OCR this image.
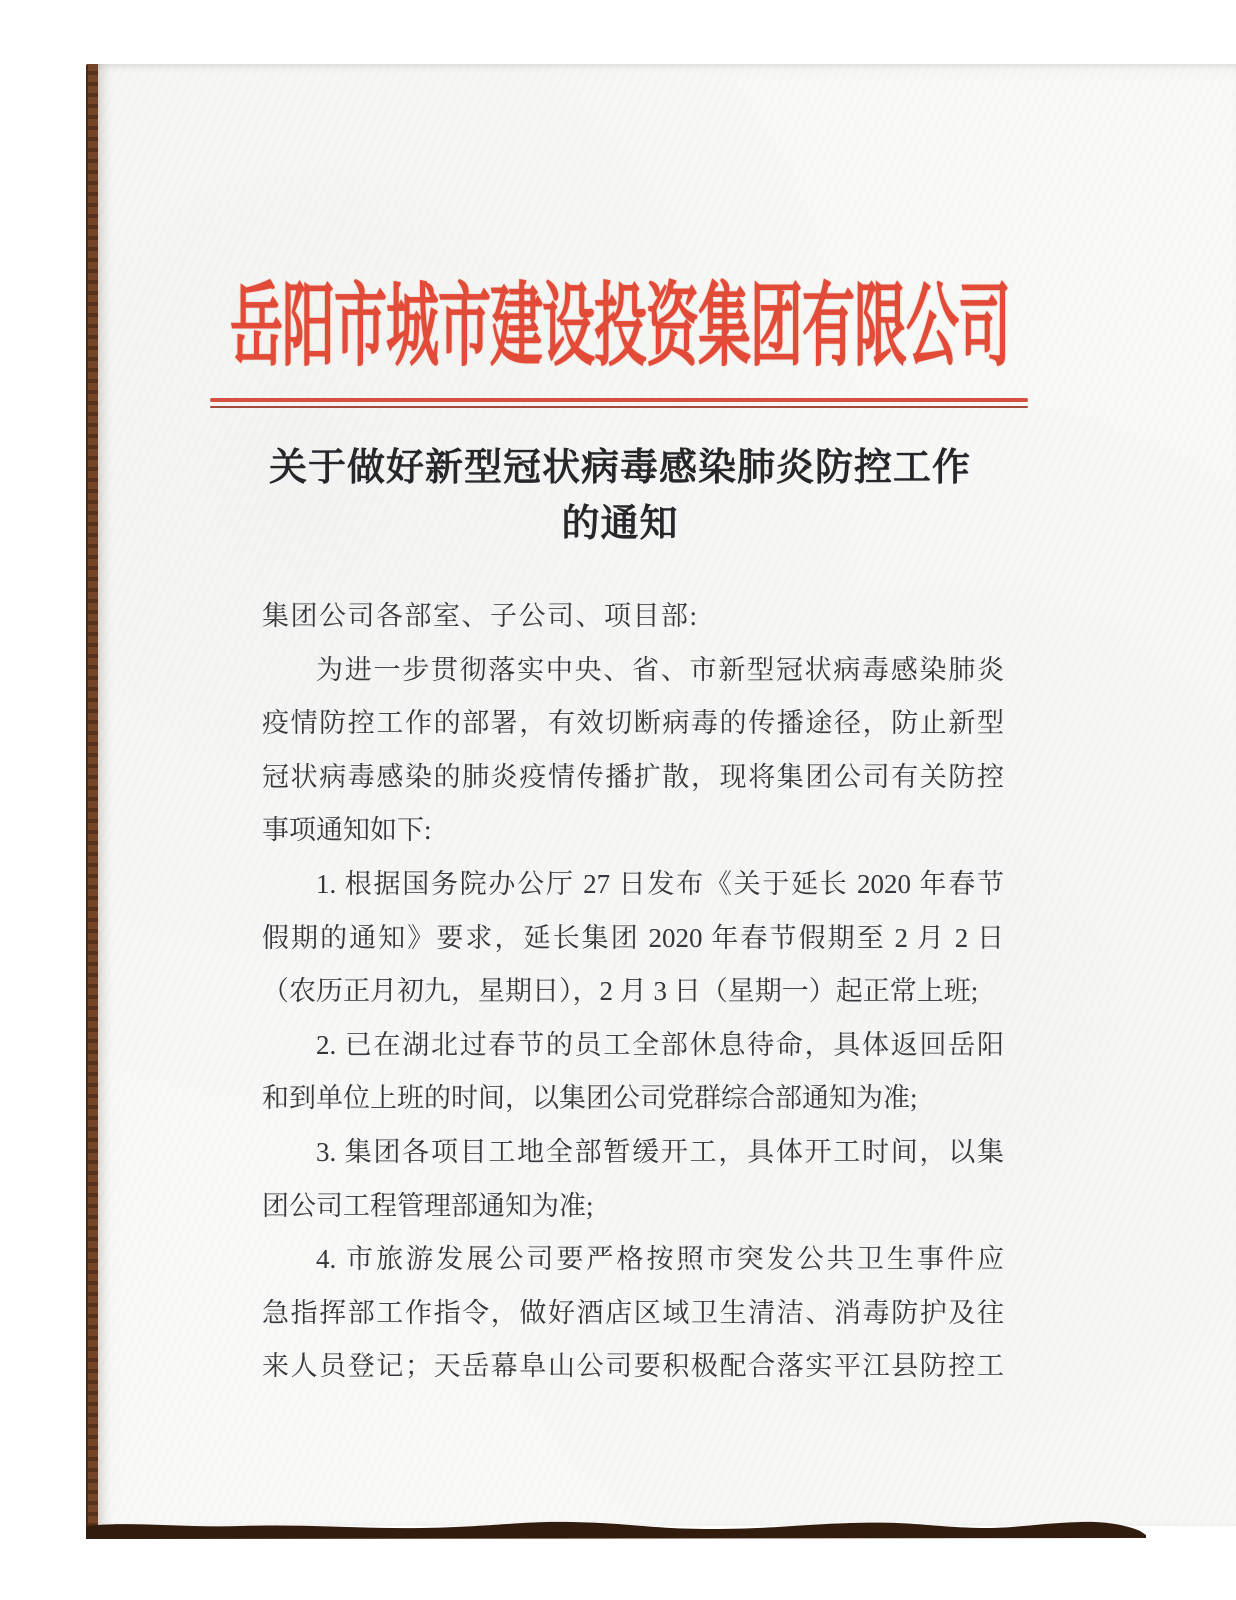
岳阳市城市建设投资集团有限公司
关于做好新型冠状病毒感染肺炎防控工作
的通知
集团公司各部室、子公司、项目部:
为进一步贯彻落实中央、省、市新型冠状病毒感染肺炎
疫情防控工作的部署，有效切断病毒的传播途径，防止新型
冠状病毒感染的肺炎疫情传播扩散，现将集团公司有关防控
事项通知如下:
1. 根据国务院办公厅 27 日发布《关于延长 2020 年春节
假期的通知》要求，延长集团 2020 年春节假期至 2 月 2 日
（农历正月初九，星期日），2 月 3 日（星期一）起正常上班;
2. 已在湖北过春节的员工全部休息待命，具体返回岳阳
和到单位上班的时间，以集团公司党群综合部通知为准;
3. 集团各项目工地全部暂缓开工，具体开工时间，以集
团公司工程管理部通知为准;
4. 市旅游发展公司要严格按照市突发公共卫生事件应
急指挥部工作指令，做好酒店区域卫生清洁、消毒防护及往
来人员登记；天岳幕阜山公司要积极配合落实平江县防控工
